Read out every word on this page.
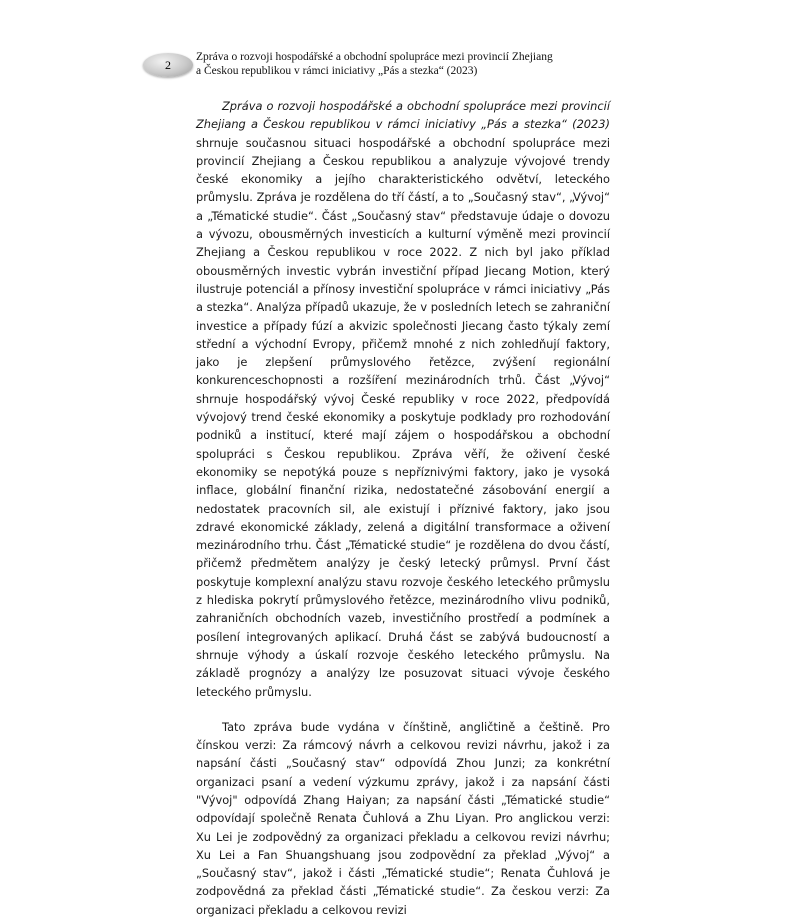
2
Zpráva o rozvoji hospodářské a obchodní spolupráce mezi provincií Zhejiang
a Českou republikou v rámci iniciativy „Pás a stezka“ (2023)

Zpráva o rozvoji hospodářské a obchodní spolupráce mezi provincií Zhejiang a Českou republikou v rámci iniciativy „Pás a stezka“ (2023) shrnuje současnou situaci hospodářské a obchodní spolupráce mezi provincií Zhejiang a Českou republikou a analyzuje vývojové trendy české ekonomiky a jejího charakteristického odvětví, leteckého průmyslu. Zpráva je rozdělena do tří částí, a to „Současný stav“, „Vývoj“ a „Tématické studie“. Část „Současný stav“ představuje údaje o dovozu a vývozu, obousměrných investicích a kulturní výměně mezi provincií Zhejiang a Českou republikou v roce 2022. Z nich byl jako příklad obousměrných investic vybrán investiční případ Jiecang Motion, který ilustruje potenciál a přínosy investiční spolupráce v rámci iniciativy „Pás a stezka“. Analýza případů ukazuje, že v posledních letech se zahraniční investice a případy fúzí a akvizic společnosti Jiecang často týkaly zemí střední a východní Evropy, přičemž mnohé z nich zohledňují faktory, jako je zlepšení průmyslového řetězce, zvýšení regionální konkurenceschopnosti a rozšíření mezinárodních trhů. Část „Vývoj“ shrnuje hospodářský vývoj České republiky v roce 2022, předpovídá vývojový trend české ekonomiky a poskytuje podklady pro rozhodování podniků a institucí, které mají zájem o hospodářskou a obchodní spolupráci s Českou republikou. Zpráva věří, že oživení české ekonomiky se nepotýká pouze s nepříznivými faktory, jako je vysoká inflace, globální finanční rizika, nedostatečné zásobování energií a nedostatek pracovních sil, ale existují i příznivé faktory, jako jsou zdravé ekonomické základy, zelená a digitální transformace a oživení mezinárodního trhu. Část „Tématické studie“ je rozdělena do dvou částí, přičemž předmětem analýzy je český letecký průmysl. První část poskytuje komplexní analýzu stavu rozvoje českého leteckého průmyslu z hlediska pokrytí průmyslového řetězce, mezinárodního vlivu podniků, zahraničních obchodních vazeb, investičního prostředí a podmínek a posílení integrovaných aplikací. Druhá část se zabývá budoucností a shrnuje výhody a úskalí rozvoje českého leteckého průmyslu. Na základě prognózy a analýzy lze posuzovat situaci vývoje českého leteckého průmyslu.

Tato zpráva bude vydána v čínštině, angličtině a češtině. Pro čínskou verzi: Za rámcový návrh a celkovou revizi návrhu, jakož i za napsání části „Současný stav“ odpovídá Zhou Junzi; za konkrétní organizaci psaní a vedení výzkumu zprávy, jakož i za napsání části "Vývoj" odpovídá Zhang Haiyan; za napsání části „Tématické studie“ odpovídají společně Renata Čuhlová a Zhu Liyan. Pro anglickou verzi: Xu Lei je zodpovědný za organizaci překladu a celkovou revizi návrhu; Xu Lei a Fan Shuangshuang jsou zodpovědní za překlad „Vývoj“ a „Současný stav“, jakož i části „Tématické studie“; Renata Čuhlová je zodpovědná za překlad části „Tématické studie“. Za českou verzi: Za organizaci překladu a celkovou revizi
